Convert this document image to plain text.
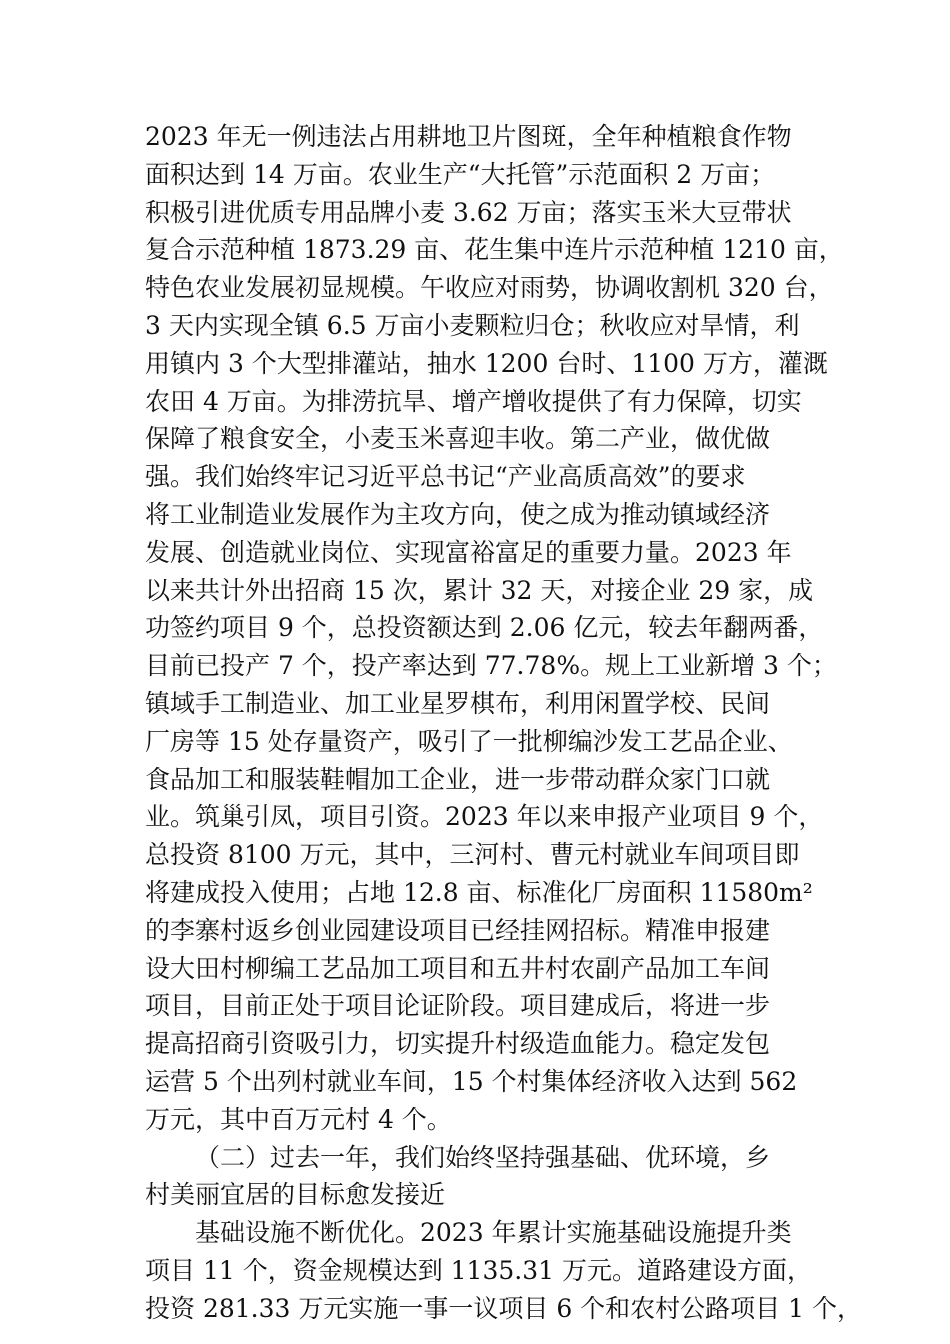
2023 年无一例违法占用耕地卫片图斑，全年种植粮食作物
面积达到 14 万亩。农业生产“大托管”示范面积 2 万亩；
积极引进优质专用品牌小麦 3.62 万亩；落实玉米大豆带状
复合示范种植 1873.29 亩、花生集中连片示范种植 1210 亩，
特色农业发展初显规模。午收应对雨势，协调收割机 320 台，
3 天内实现全镇 6.5 万亩小麦颗粒归仓；秋收应对旱情，利
用镇内 3 个大型排灌站，抽水 1200 台时、1100 万方，灌溉
农田 4 万亩。为排涝抗旱、增产增收提供了有力保障，切实
保障了粮食安全，小麦玉米喜迎丰收。第二产业，做优做
强。我们始终牢记习近平总书记“产业高质高效”的要求
将工业制造业发展作为主攻方向，使之成为推动镇域经济
发展、创造就业岗位、实现富裕富足的重要力量。2023 年
以来共计外出招商 15 次，累计 32 天，对接企业 29 家，成
功签约项目 9 个，总投资额达到 2.06 亿元，较去年翻两番，
目前已投产 7 个，投产率达到 77.78%。规上工业新增 3 个；
镇域手工制造业、加工业星罗棋布，利用闲置学校、民间
厂房等 15 处存量资产，吸引了一批柳编沙发工艺品企业、
食品加工和服装鞋帽加工企业，进一步带动群众家门口就
业。筑巢引凤，项目引资。2023 年以来申报产业项目 9 个，
总投资 8100 万元，其中，三河村、曹元村就业车间项目即
将建成投入使用；占地 12.8 亩、标准化厂房面积 11580m²
的李寨村返乡创业园建设项目已经挂网招标。精准申报建
设大田村柳编工艺品加工项目和五井村农副产品加工车间
项目，目前正处于项目论证阶段。项目建成后，将进一步
提高招商引资吸引力，切实提升村级造血能力。稳定发包
运营 5 个出列村就业车间，15 个村集体经济收入达到 562
万元，其中百万元村 4 个。
（二）过去一年，我们始终坚持强基础、优环境，乡
村美丽宜居的目标愈发接近
基础设施不断优化。2023 年累计实施基础设施提升类
项目 11 个，资金规模达到 1135.31 万元。道路建设方面，
投资 281.33 万元实施一事一议项目 6 个和农村公路项目 1 个，
